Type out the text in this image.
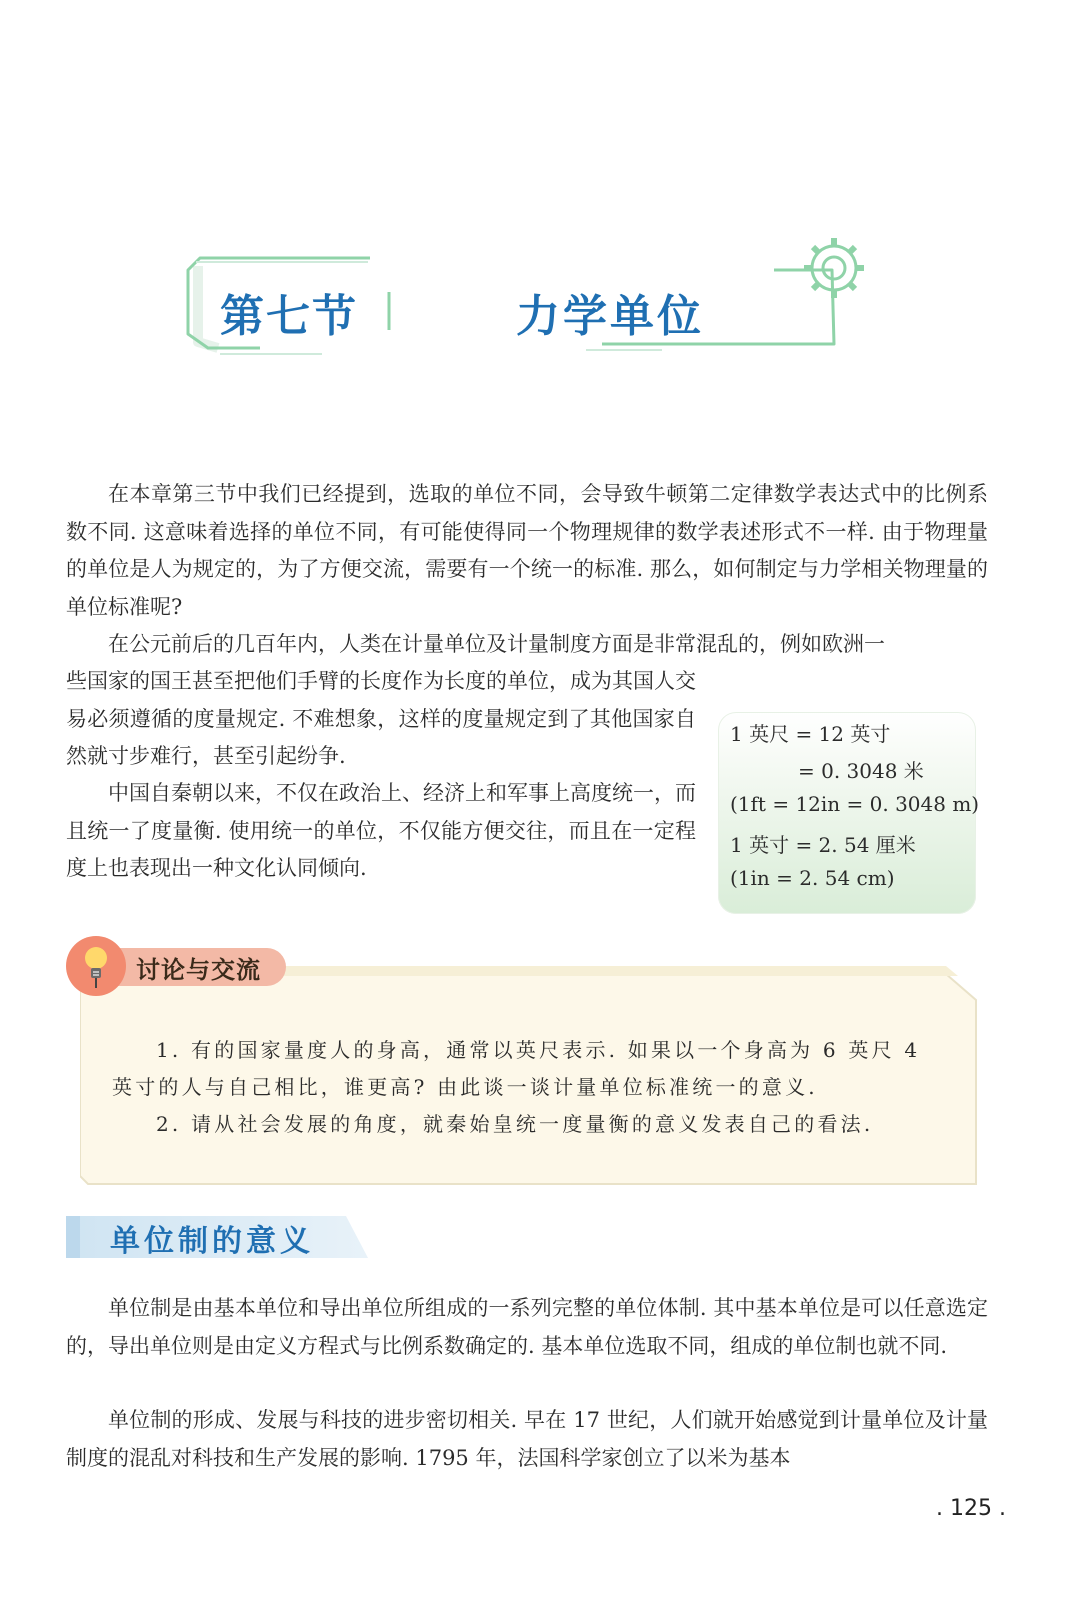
第七节	力学单位

在本章第三节中我们已经提到，选取的单位不同，会导致牛顿第二定律数学表达式中的比例系数不同. 这意味着选择的单位不同，有可能使得同一个物理规律的数学表述形式不一样. 由于物理量的单位是人为规定的，为了方便交流，需要有一个统一的标准. 那么，如何制定与力学相关物理量的单位标准呢?

在公元前后的几百年内，人类在计量单位及计量制度方面是非常混乱的，例如欧洲一

些国家的国王甚至把他们手臂的长度作为长度的单位，成为其国人交易必须遵循的度量规定. 不难想象，这样的度量规定到了其他国家自然就寸步难行，甚至引起纷争.

中国自秦朝以来，不仅在政治上、经济上和军事上高度统一，而且统一了度量衡. 使用统一的单位，不仅能方便交往，而且在一定程度上也表现出一种文化认同倾向.

1 英尺 = 12 英寸
= 0. 3048 米
(1ft = 12in = 0. 3048 m)
1 英寸 = 2. 54 厘米
(1in = 2. 54 cm)
讨论与交流

1. 有的国家量度人的身高，通常以英尺表示. 如果以一个身高为 6 英尺 4 英寸的人与自己相比，谁更高? 由此谈一谈计量单位标准统一的意义.

2. 请从社会发展的角度，就秦始皇统一度量衡的意义发表自己的看法.

单位制的意义

单位制是由基本单位和导出单位所组成的一系列完整的单位体制. 其中基本单位是可以任意选定的，导出单位则是由定义方程式与比例系数确定的. 基本单位选取不同，组成的单位制也就不同.

单位制的形成、发展与科技的进步密切相关. 早在 17 世纪，人们就开始感觉到计量单位及计量制度的混乱对科技和生产发展的影响. 1795 年，法国科学家创立了以米为基本

. 125 .
